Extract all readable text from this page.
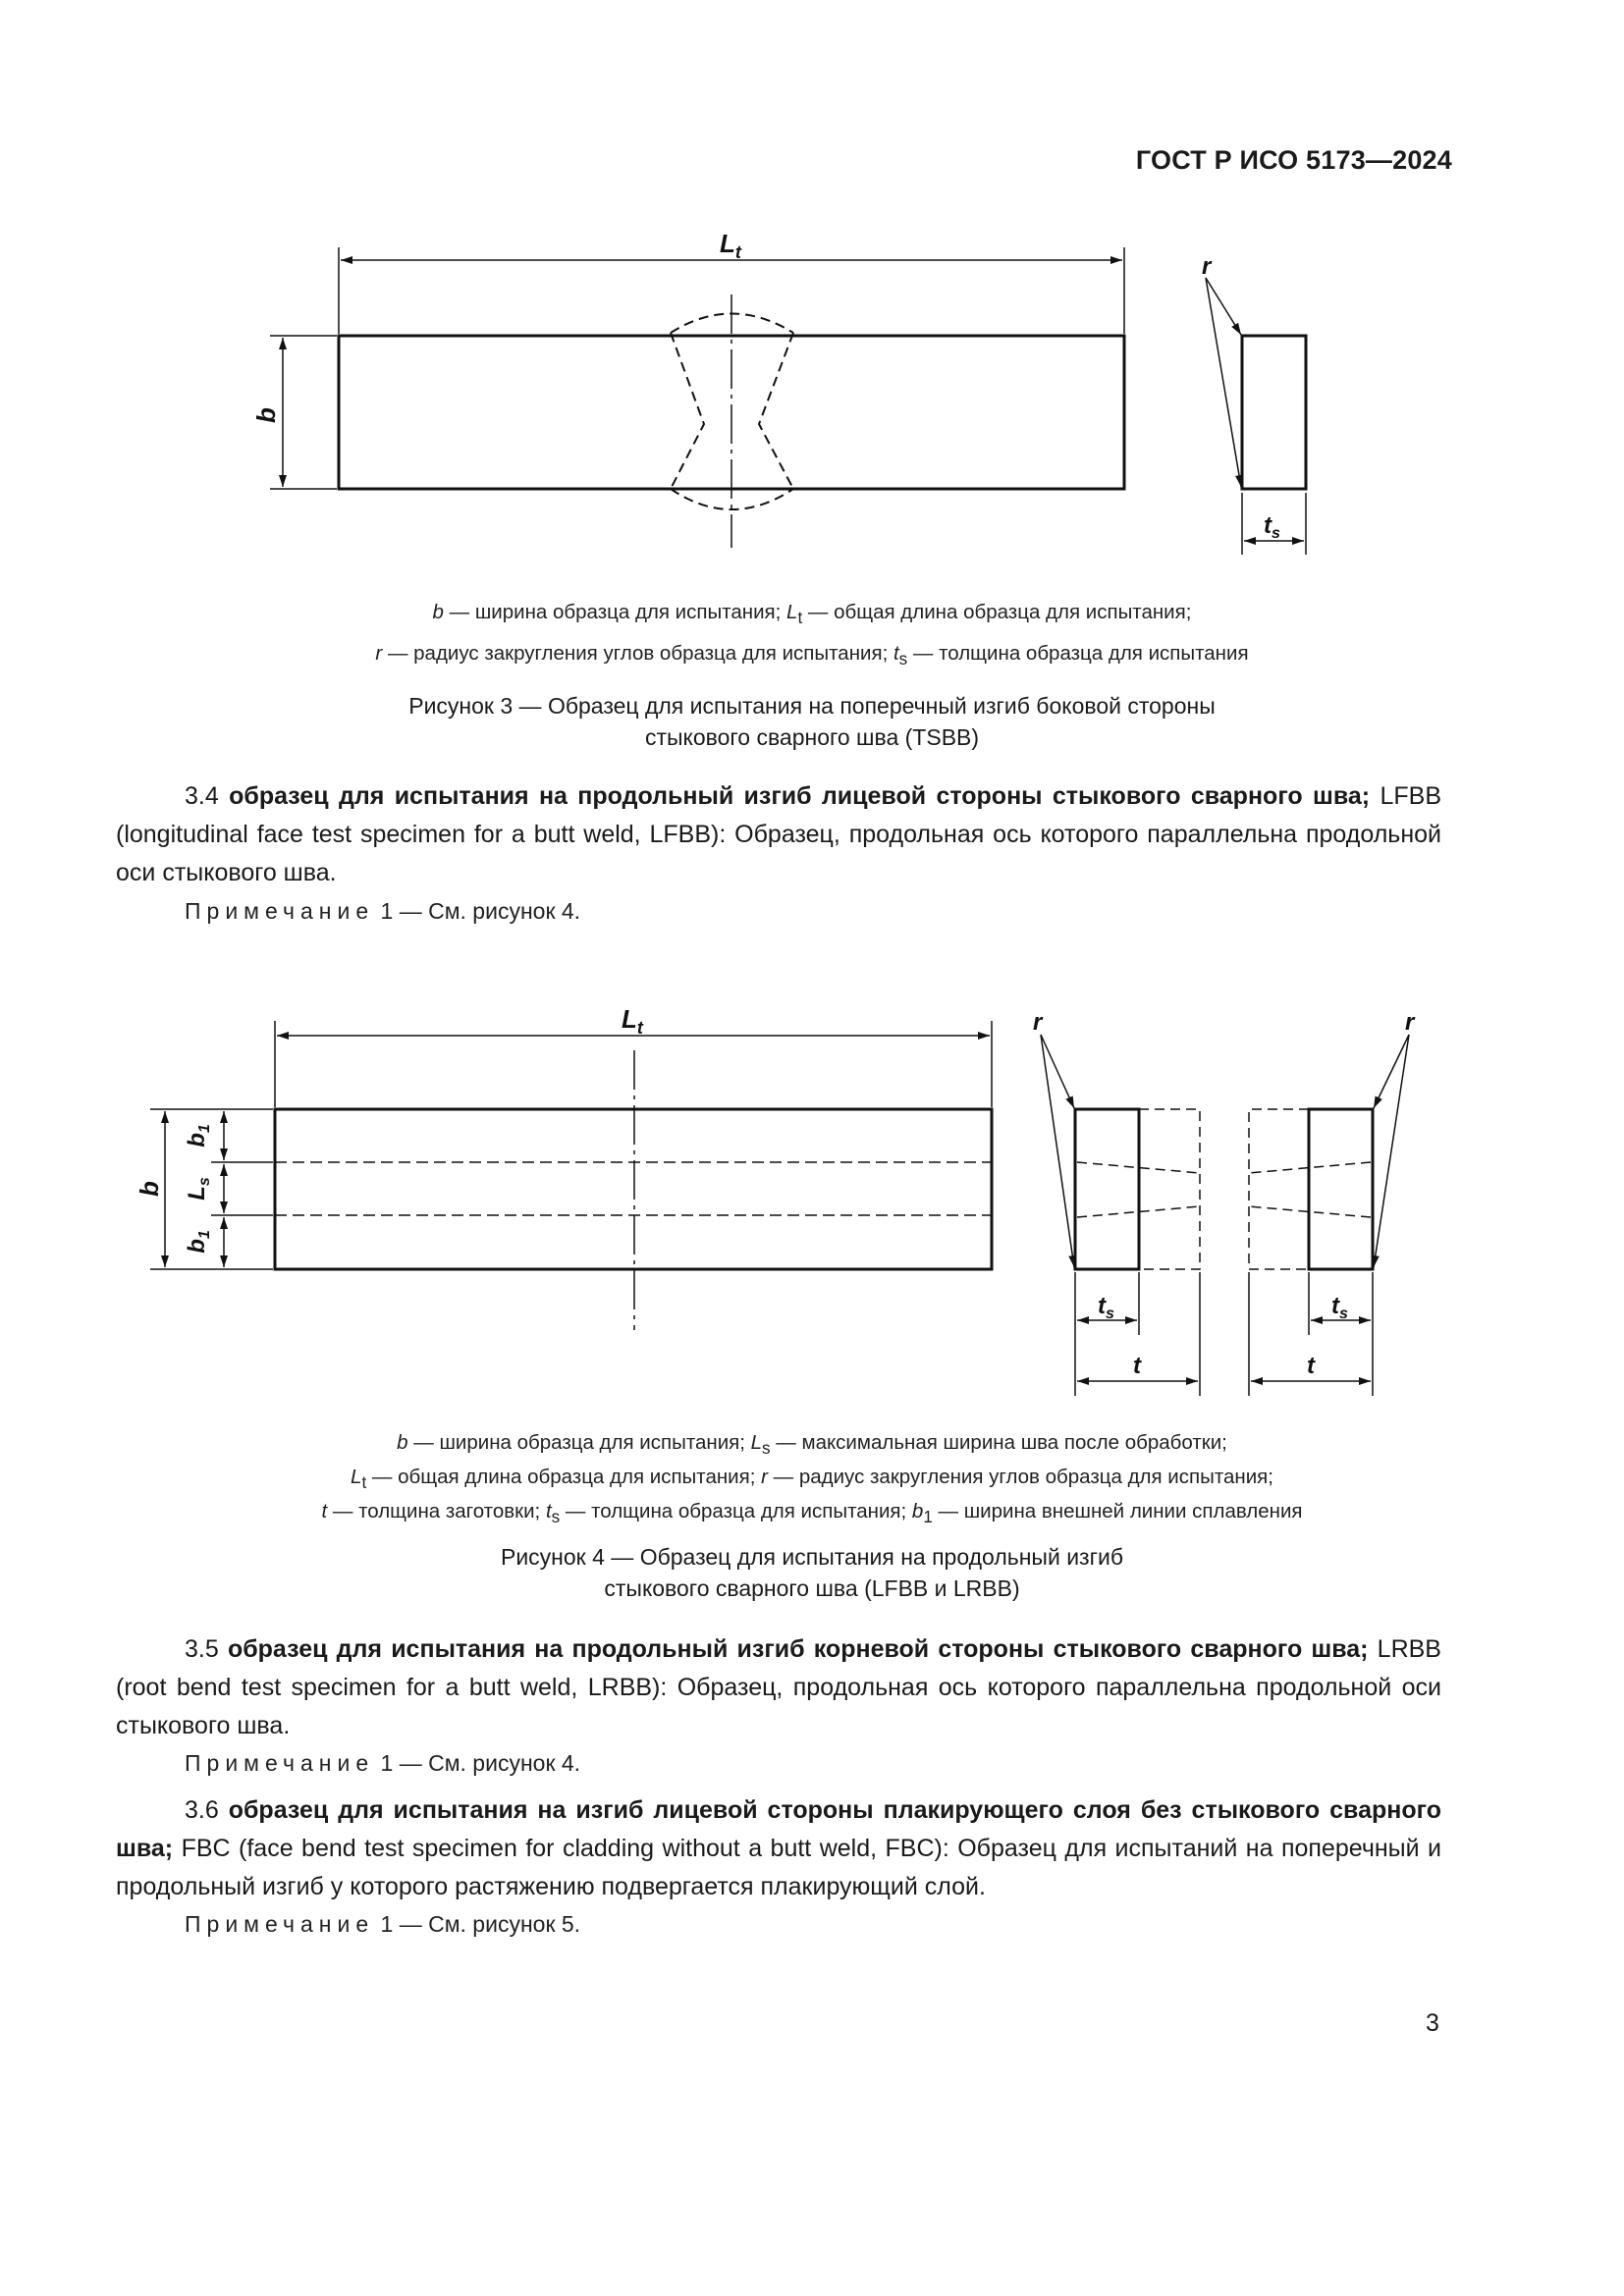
ГОСТ Р ИСО 5173—2024
$L_t$
b
r
$t_s$
b — ширина образца для испытания; $L_t$ — общая длина образца для испытания;
r — радиус закругления углов образца для испытания; $t_s$ — толщина образца для испытания
Рисунок 3 — Образец для испытания на поперечный изгиб боковой стороны
стыкового сварного шва (TSBB)
3.4 образец для испытания на продольный изгиб лицевой стороны стыкового сварного шва; LFBB (longitudinal face test specimen for a butt weld, LFBB): Образец, продольная ось которого параллельна продольной оси стыкового шва.
Примечание 1 — См. рисунок 4.
$L_t$
b
$b_1$
$L_s$
$b_1$
r	r
$t_s$	$t_s$
t	t
b — ширина образца для испытания; $L_s$ — максимальная ширина шва после обработки;
$L_t$ — общая длина образца для испытания; r — радиус закругления углов образца для испытания;
t — толщина заготовки; $t_s$ — толщина образца для испытания; $b_1$ — ширина внешней линии сплавления
Рисунок 4 — Образец для испытания на продольный изгиб
стыкового сварного шва (LFBB и LRBB)
3.5 образец для испытания на продольный изгиб корневой стороны стыкового сварного шва; LRBB (root bend test specimen for a butt weld, LRBB): Образец, продольная ось которого параллельна продольной оси стыкового шва.
Примечание 1 — См. рисунок 4.
3.6 образец для испытания на изгиб лицевой стороны плакирующего слоя без стыкового сварного шва; FBC (face bend test specimen for cladding without a butt weld, FBC): Образец для испытаний на поперечный и продольный изгиб у которого растяжению подвергается плакирующий слой.
Примечание 1 — См. рисунок 5.
3
